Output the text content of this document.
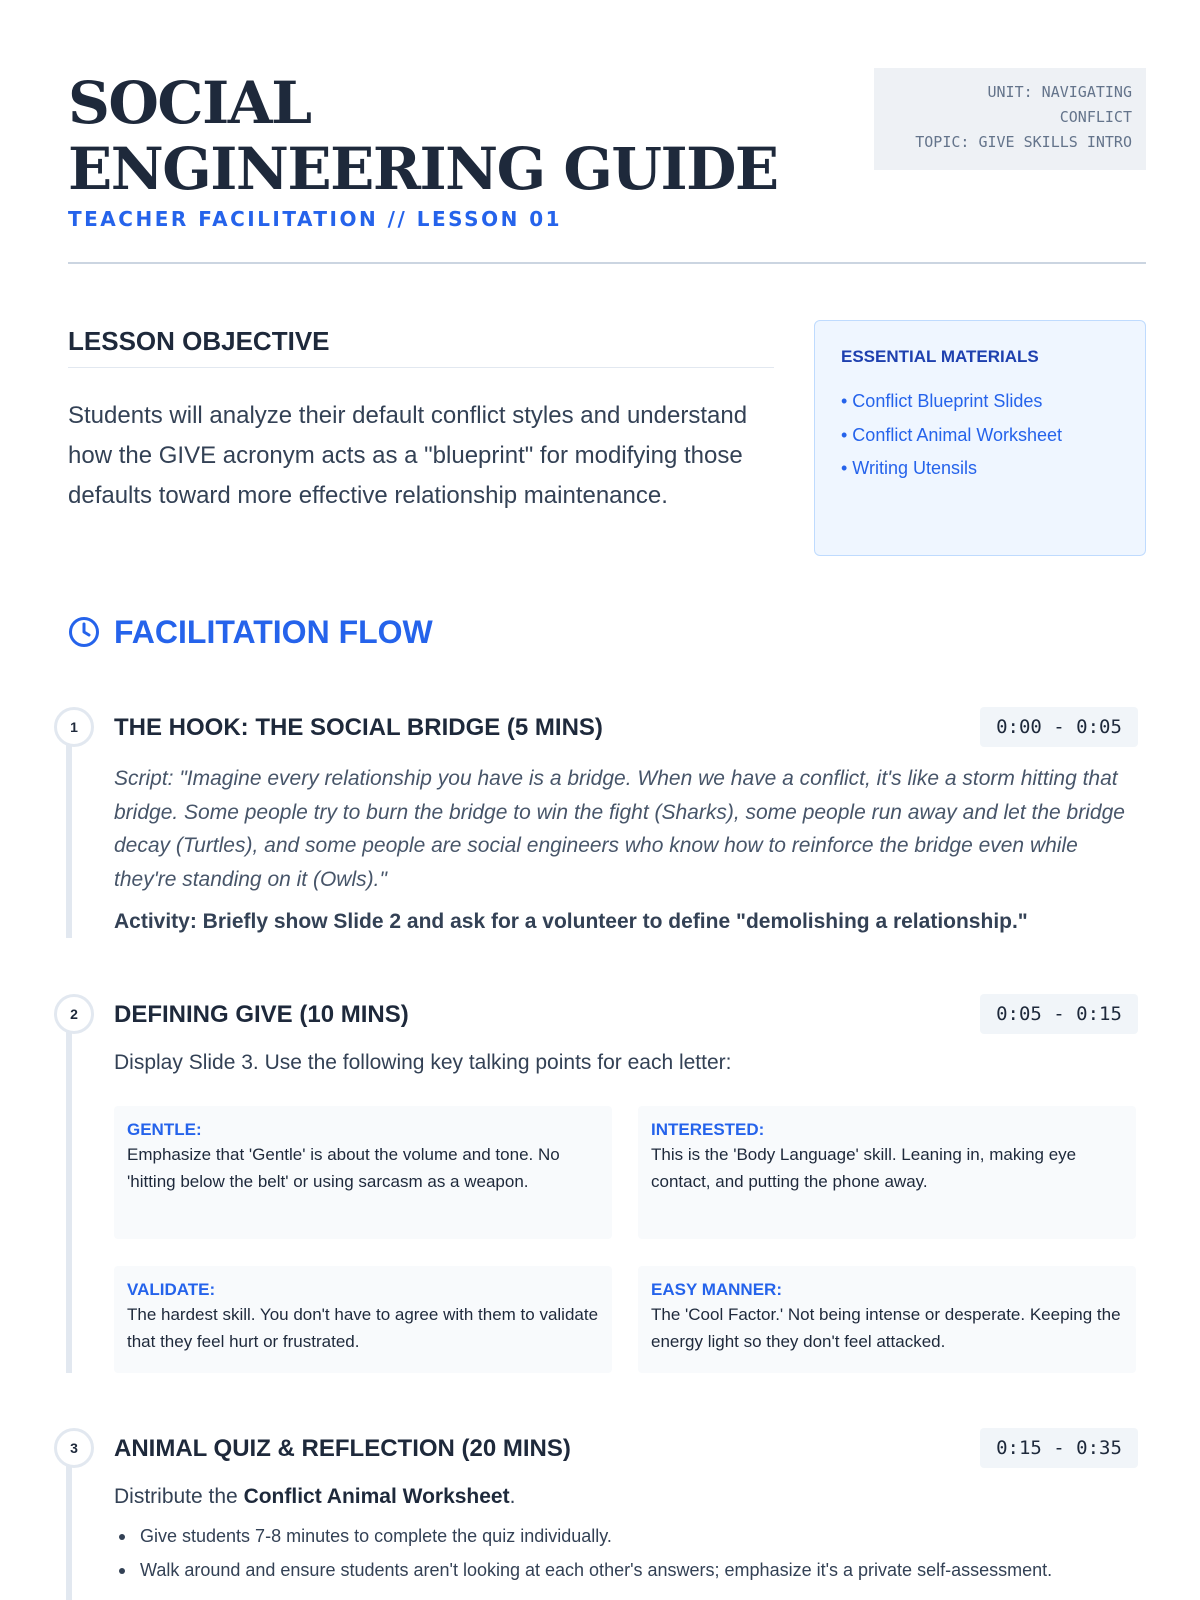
SOCIAL ENGINEERING GUIDE
TEACHER FACILITATION // LESSON 01
UNIT: NAVIGATING
CONFLICT
TOPIC: GIVE SKILLS INTRO
LESSON OBJECTIVE

Students will analyze their default conflict styles and understand how the GIVE acronym acts as a "blueprint" for modifying those defaults toward more effective relationship maintenance.

ESSENTIAL MATERIALS
• Conflict Blueprint Slides
• Conflict Animal Worksheet
• Writing Utensils
FACILITATION FLOW
1	THE HOOK: THE SOCIAL BRIDGE (5 MINS)	0:00 - 0:05

Script: "Imagine every relationship you have is a bridge. When we have a conflict, it's like a storm hitting that bridge. Some people try to burn the bridge to win the fight (Sharks), some people run away and let the bridge decay (Turtles), and some people are social engineers who know how to reinforce the bridge even while they're standing on it (Owls)."

Activity: Briefly show Slide 2 and ask for a volunteer to define "demolishing a relationship."
2	DEFINING GIVE (10 MINS)	0:05 - 0:15
Display Slide 3. Use the following key talking points for each letter:
GENTLE:
Emphasize that 'Gentle' is about the volume and tone. No 'hitting below the belt' or using sarcasm as a weapon.
INTERESTED:
This is the 'Body Language' skill. Leaning in, making eye contact, and putting the phone away.
VALIDATE:
The hardest skill. You don't have to agree with them to validate that they feel hurt or frustrated.
EASY MANNER:
The 'Cool Factor.' Not being intense or desperate. Keeping the energy light so they don't feel attacked.
3	ANIMAL QUIZ & REFLECTION (20 MINS)	0:15 - 0:35
Distribute the Conflict Animal Worksheet.
Give students 7-8 minutes to complete the quiz individually.
Walk around and ensure students aren't looking at each other's answers; emphasize it's a private self-assessment.
